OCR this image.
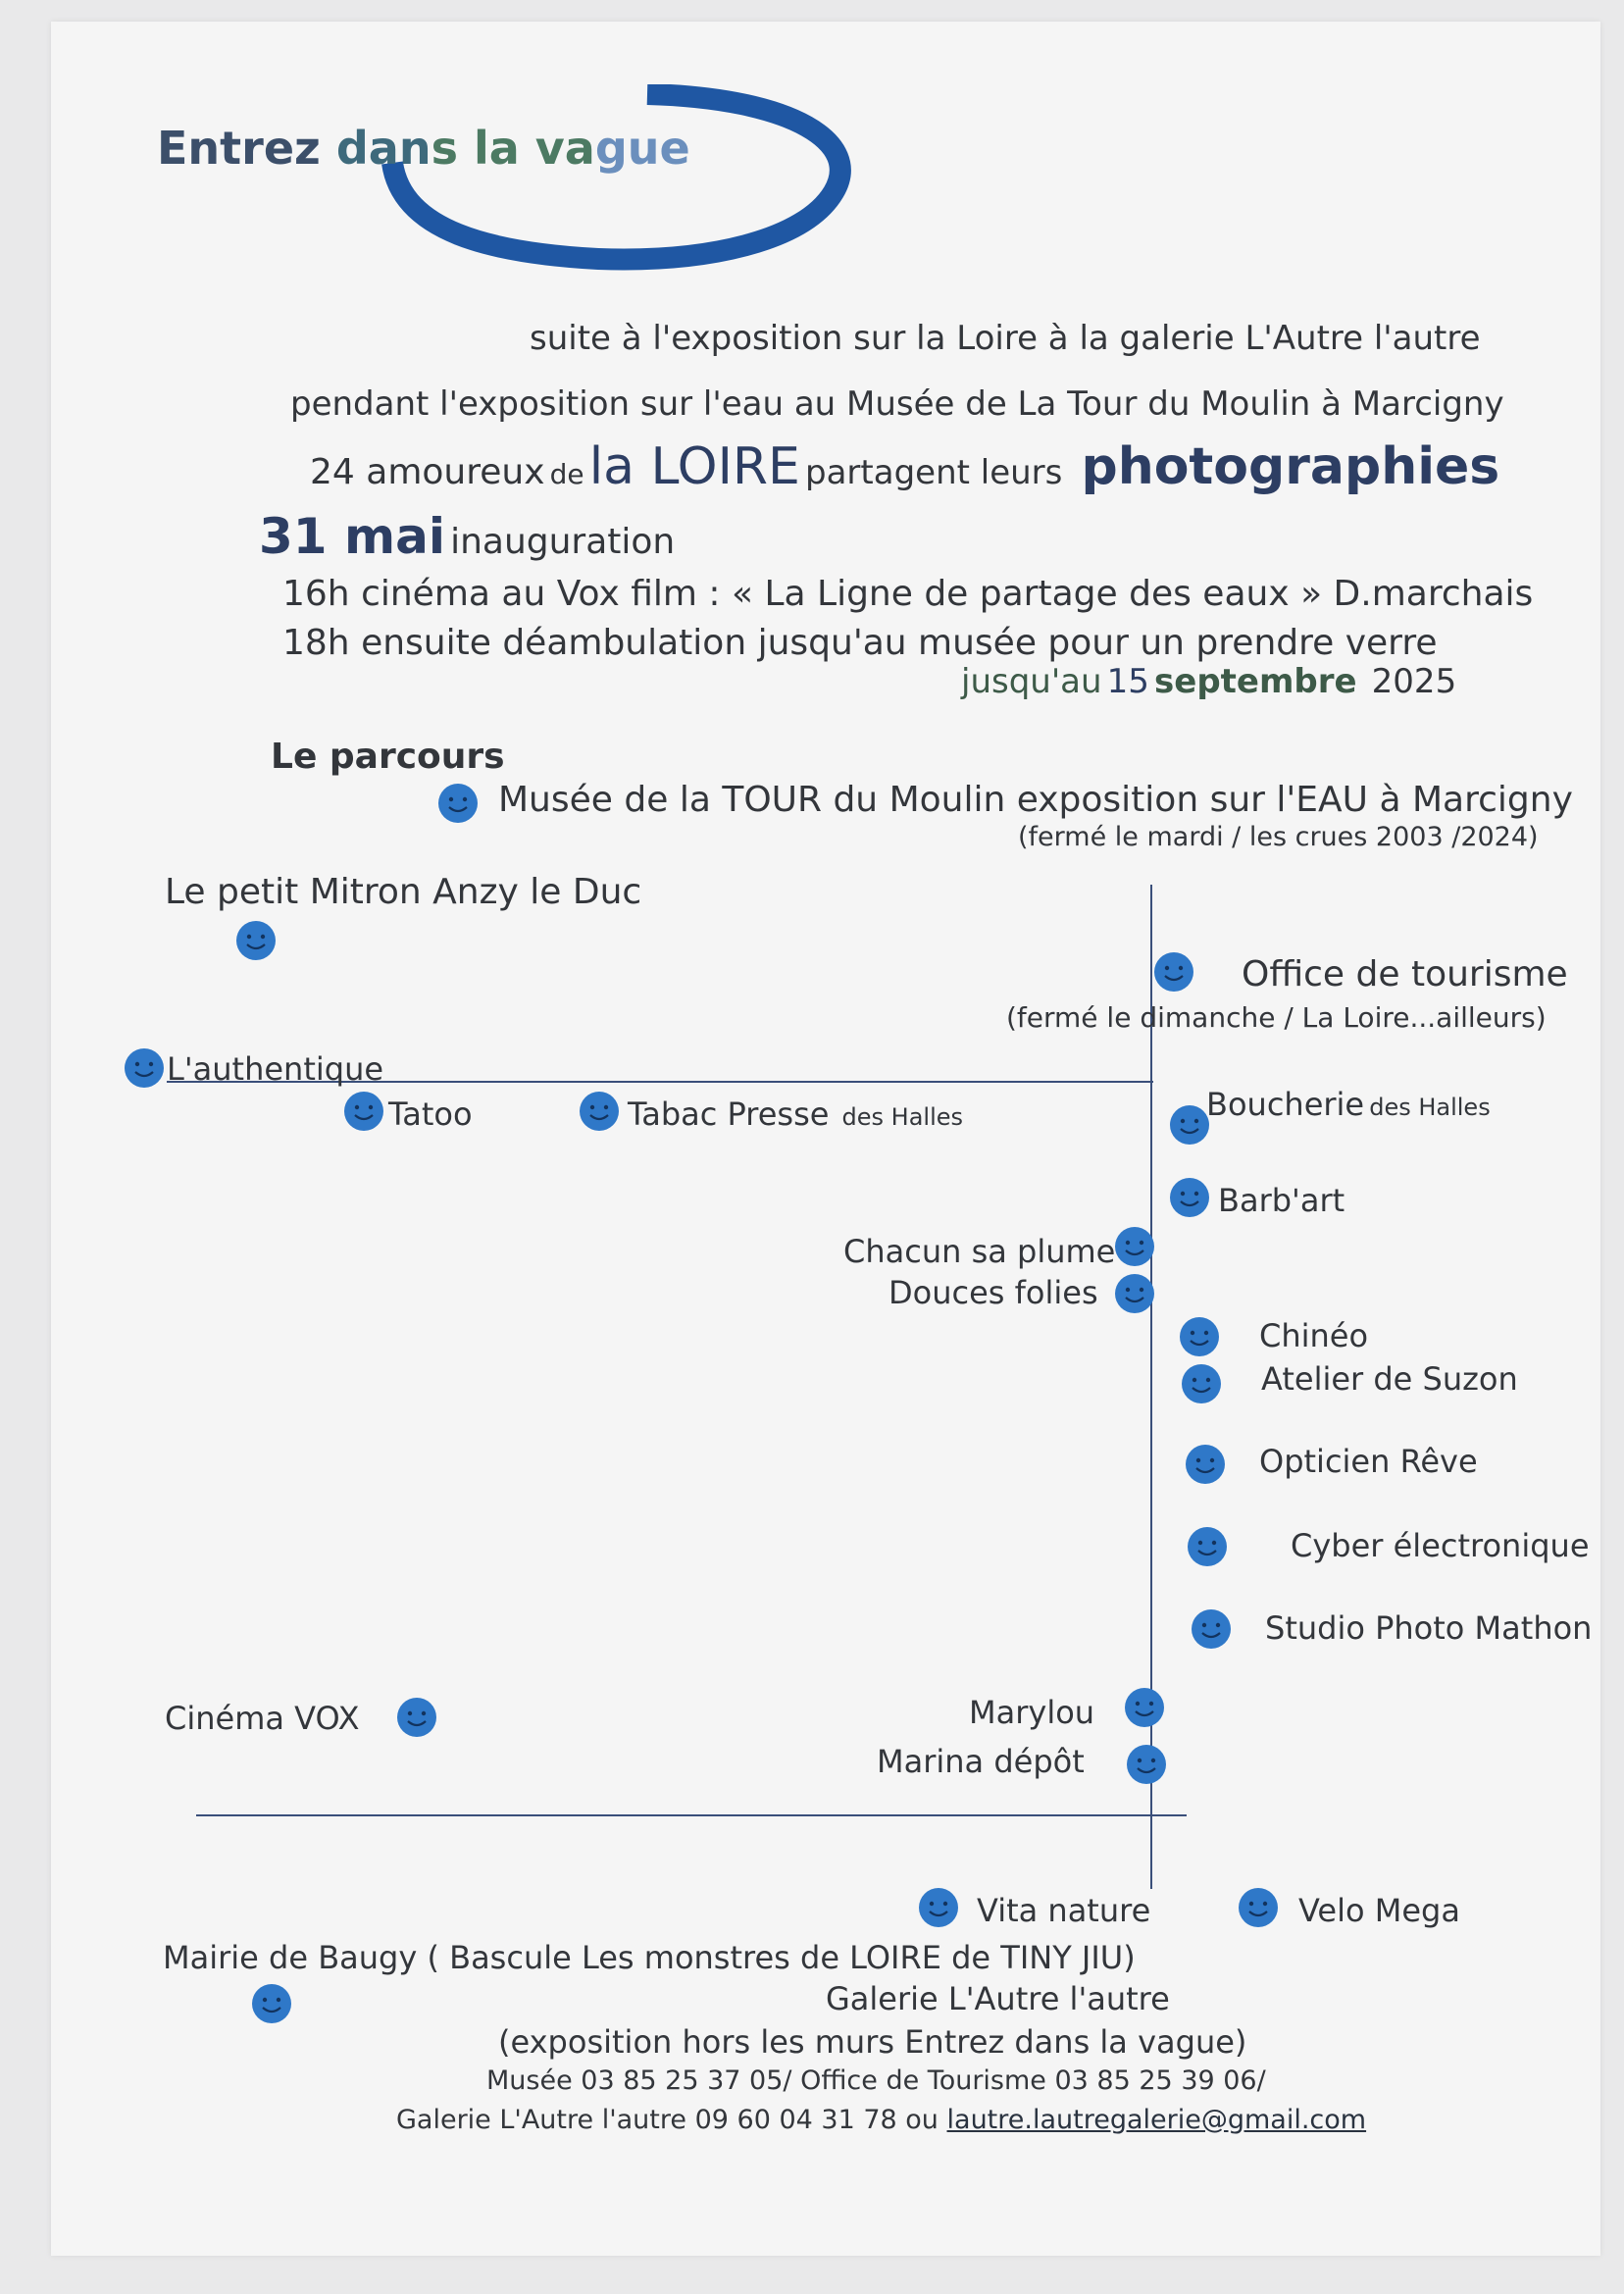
Entrez dans la vague
suite à l'exposition sur la Loire à la galerie L'Autre l'autre
pendant l'exposition sur l'eau au Musée de La Tour du Moulin à Marcigny
24 amoureux de la LOIRE partagent leurs photographies
31 mai inauguration
16h cinéma au Vox film : « La Ligne de partage des eaux » D.marchais
18h ensuite déambulation jusqu'au musée pour un prendre verre
jusqu'au 15 septembre 2025
Le parcours
Musée de la TOUR du Moulin exposition sur l'EAU à Marcigny
(fermé le mardi / les crues 2003 /2024)
Le petit Mitron Anzy le Duc
Office de tourisme
(fermé le dimanche / La Loire...ailleurs)
L'authentique
Tatoo	Tabac Presse des Halles	Boucherie des Halles
Barb'art
Chacun sa plume
Douces folies
Chinéo
Atelier de Suzon
Opticien Rêve
Cyber électronique
Studio Photo Mathon
Cinéma VOX	Marylou
Marina dépôt
Vita nature	Velo Mega
Mairie de Baugy ( Bascule Les monstres de LOIRE de TINY JIU)
Galerie L'Autre l'autre
(exposition hors les murs Entrez dans la vague)
Musée 03 85 25 37 05/ Office de Tourisme 03 85 25 39 06/
Galerie L'Autre l'autre 09 60 04 31 78 ou lautre.lautregalerie@gmail.com
